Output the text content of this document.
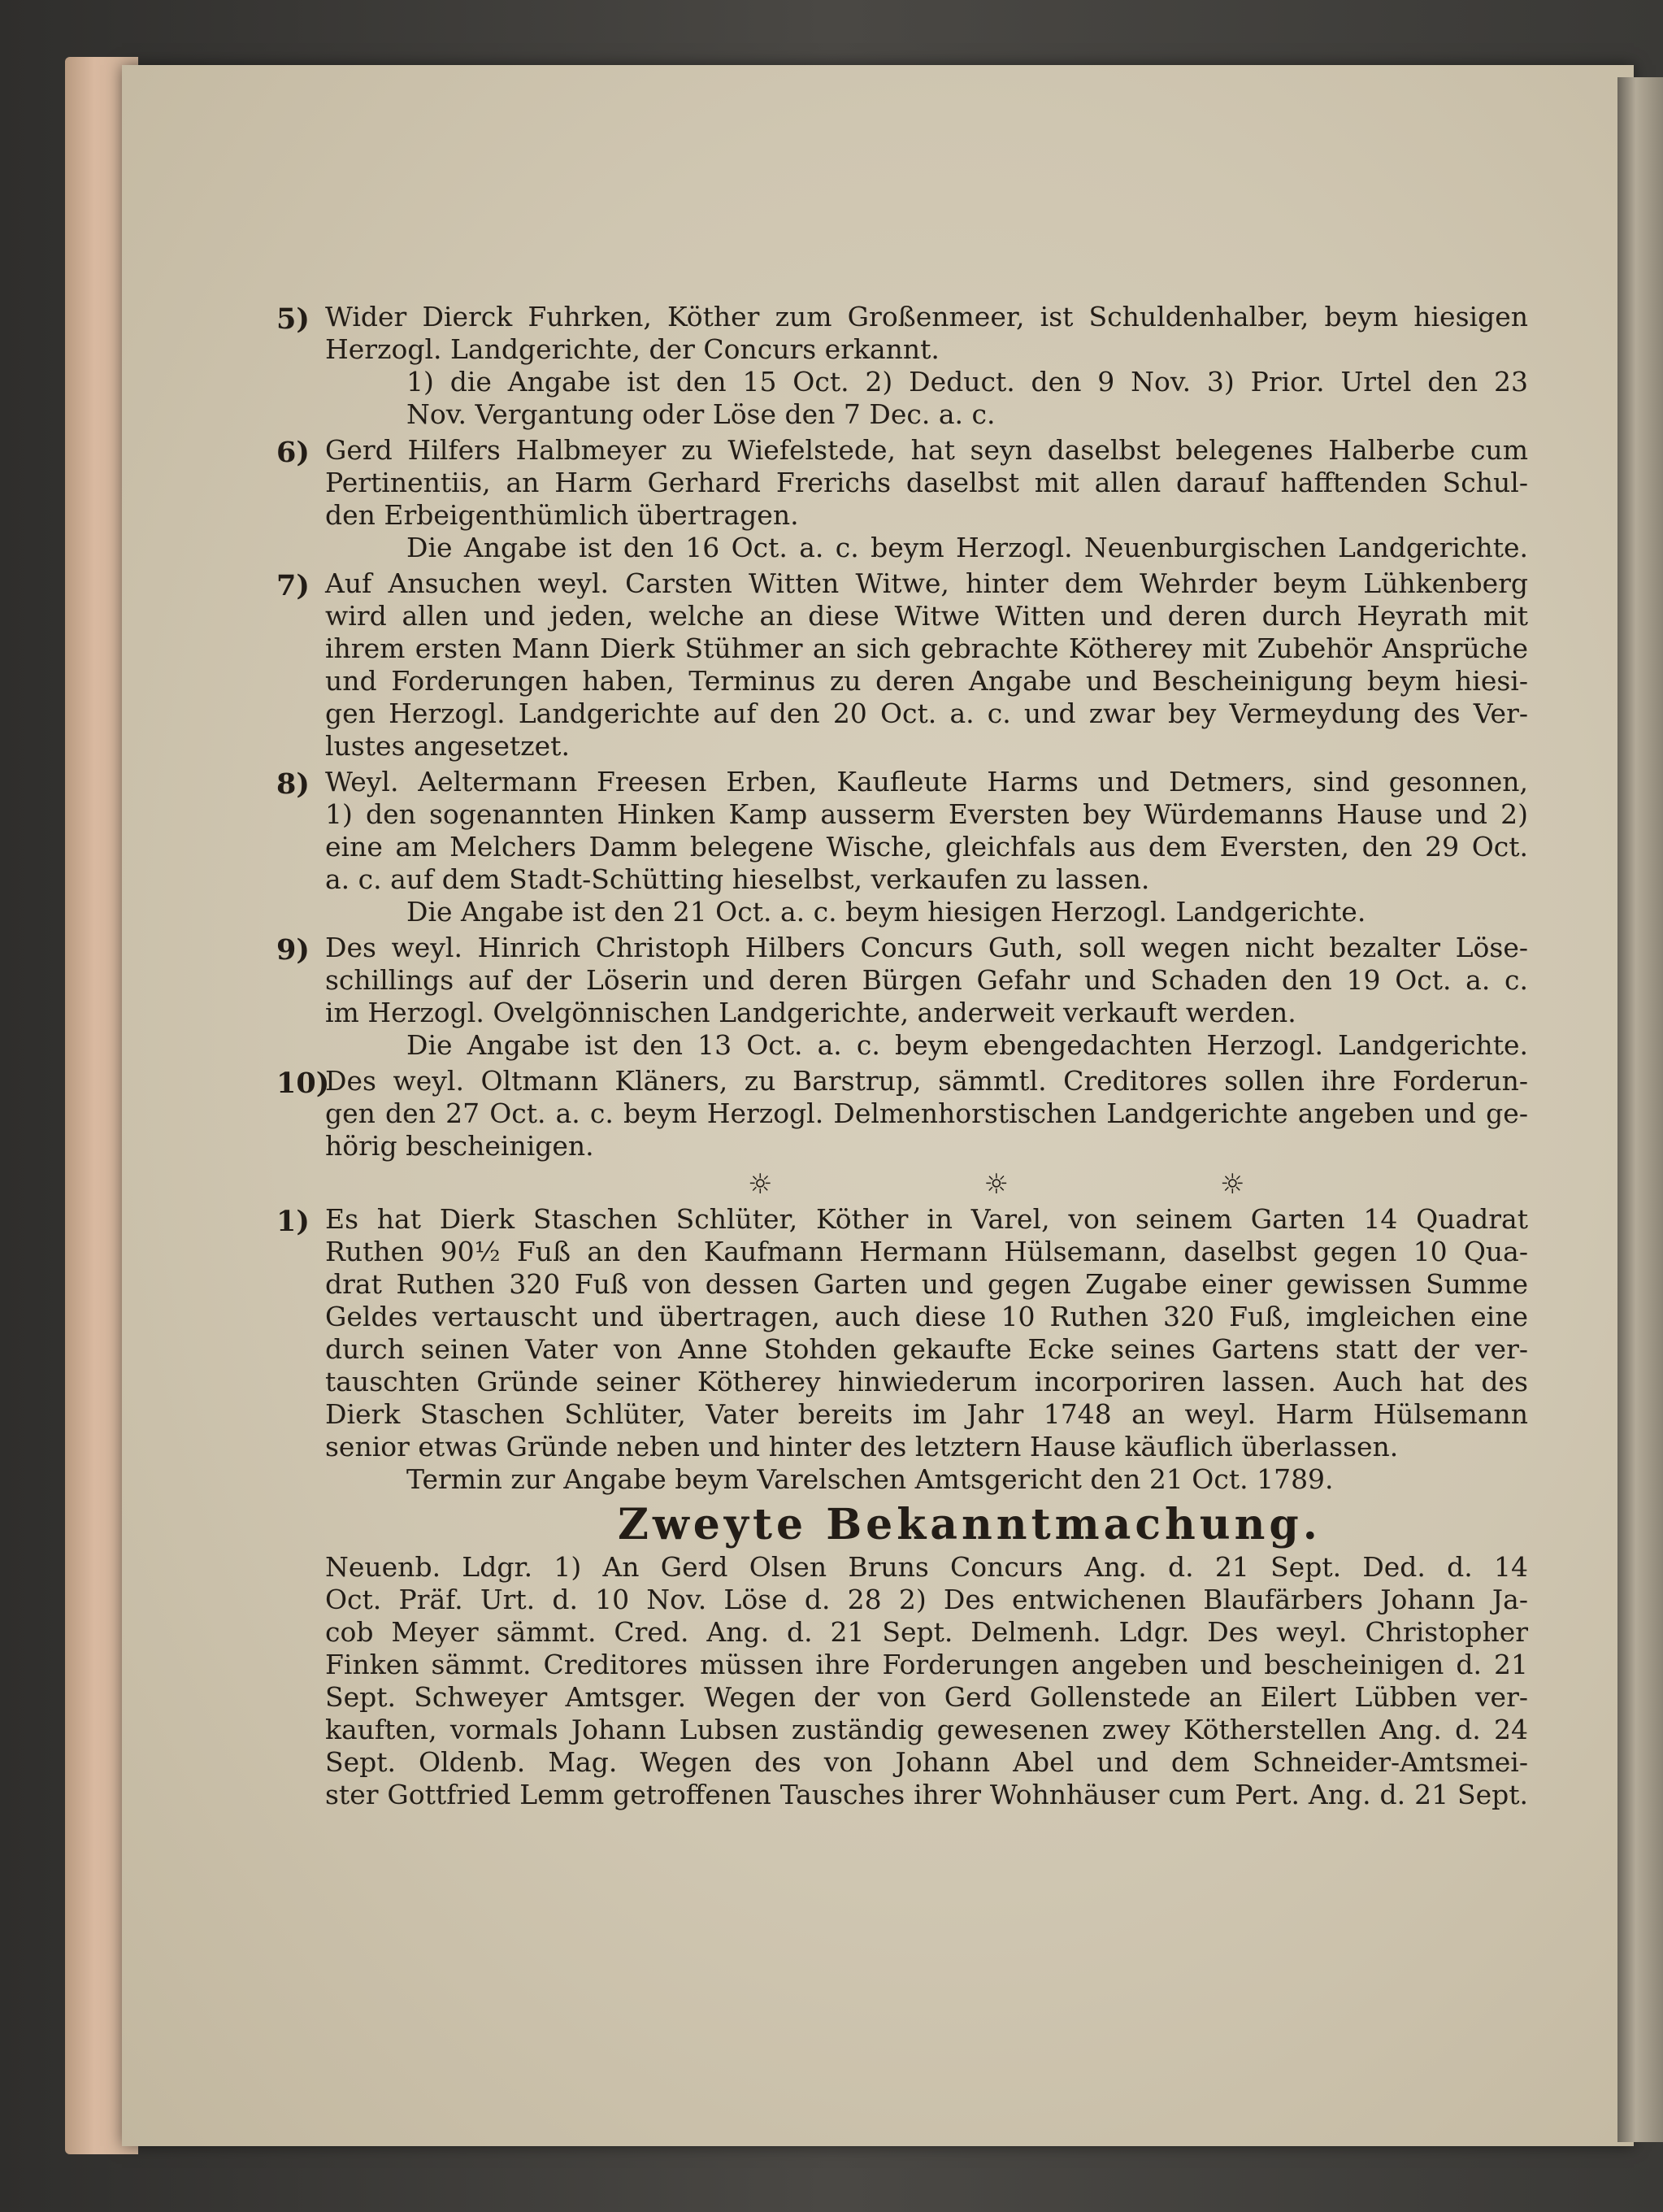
5) Wider Dierck Fuhrken, Köther zum Großenmeer, ist Schuldenhalber, beym hiesigen
Herzogl. Landgerichte, der Concurs erkannt.
1) die Angabe ist den 15 Oct. 2) Deduct. den 9 Nov. 3) Prior. Urtel den 23
Nov. Vergantung oder Löse den 7 Dec. a. c.
6) Gerd Hilfers Halbmeyer zu Wiefelstede, hat seyn daselbst belegenes Halberbe cum
Pertinentiis, an Harm Gerhard Frerichs daselbst mit allen darauf hafftenden Schul-
den Erbeigenthümlich übertragen.
Die Angabe ist den 16 Oct. a. c. beym Herzogl. Neuenburgischen Landgerichte.
7) Auf Ansuchen weyl. Carsten Witten Witwe, hinter dem Wehrder beym Lühkenberg
wird allen und jeden, welche an diese Witwe Witten und deren durch Heyrath mit
ihrem ersten Mann Dierk Stühmer an sich gebrachte Kötherey mit Zubehör Ansprüche
und Forderungen haben, Terminus zu deren Angabe und Bescheinigung beym hiesi-
gen Herzogl. Landgerichte auf den 20 Oct. a. c. und zwar bey Vermeydung des Ver-
lustes angesetzet.
8) Weyl. Aeltermann Freesen Erben, Kaufleute Harms und Detmers, sind gesonnen,
1) den sogenannten Hinken Kamp ausserm Eversten bey Würdemanns Hause und 2)
eine am Melchers Damm belegene Wische, gleichfals aus dem Eversten, den 29 Oct.
a. c. auf dem Stadt-Schütting hieselbst, verkaufen zu lassen.
Die Angabe ist den 21 Oct. a. c. beym hiesigen Herzogl. Landgerichte.
9) Des weyl. Hinrich Christoph Hilbers Concurs Guth, soll wegen nicht bezalter Löse-
schillings auf der Löserin und deren Bürgen Gefahr und Schaden den 19 Oct. a. c.
im Herzogl. Ovelgönnischen Landgerichte, anderweit verkauft werden.
Die Angabe ist den 13 Oct. a. c. beym ebengedachten Herzogl. Landgerichte.
10)
Des weyl. Oltmann Kläners, zu Barstrup, sämmtl. Creditores sollen ihre Forderun-
gen den 27 Oct. a. c. beym Herzogl. Delmenhorstischen Landgerichte angeben und ge-
hörig bescheinigen.
☼	☼	☼
1) Es hat Dierk Staschen Schlüter, Köther in Varel, von seinem Garten 14 Quadrat
Ruthen 90½ Fuß an den Kaufmann Hermann Hülsemann, daselbst gegen 10 Qua-
drat Ruthen 320 Fuß von dessen Garten und gegen Zugabe einer gewissen Summe
Geldes vertauscht und übertragen, auch diese 10 Ruthen 320 Fuß, imgleichen eine
durch seinen Vater von Anne Stohden gekaufte Ecke seines Gartens statt der ver-
tauschten Gründe seiner Kötherey hinwiederum incorporiren lassen. Auch hat des
Dierk Staschen Schlüter, Vater bereits im Jahr 1748 an weyl. Harm Hülsemann
senior etwas Gründe neben und hinter des letztern Hause käuflich überlassen.
Termin zur Angabe beym Varelschen Amtsgericht den 21 Oct. 1789.
Zweyte Bekanntmachung.
Neuenb. Ldgr. 1) An Gerd Olsen Bruns Concurs Ang. d. 21 Sept. Ded. d. 14
Oct. Präf. Urt. d. 10 Nov. Löse d. 28 2) Des entwichenen Blaufärbers Johann Ja-
cob Meyer sämmt. Cred. Ang. d. 21 Sept. Delmenh. Ldgr. Des weyl. Christopher
Finken sämmt. Creditores müssen ihre Forderungen angeben und bescheinigen d. 21
Sept. Schweyer Amtsger. Wegen der von Gerd Gollenstede an Eilert Lübben ver-
kauften, vormals Johann Lubsen zuständig gewesenen zwey Kötherstellen Ang. d. 24
Sept. Oldenb. Mag. Wegen des von Johann Abel und dem Schneider-Amtsmei-
ster Gottfried Lemm getroffenen Tausches ihrer Wohnhäuser cum Pert. Ang. d. 21 Sept.
